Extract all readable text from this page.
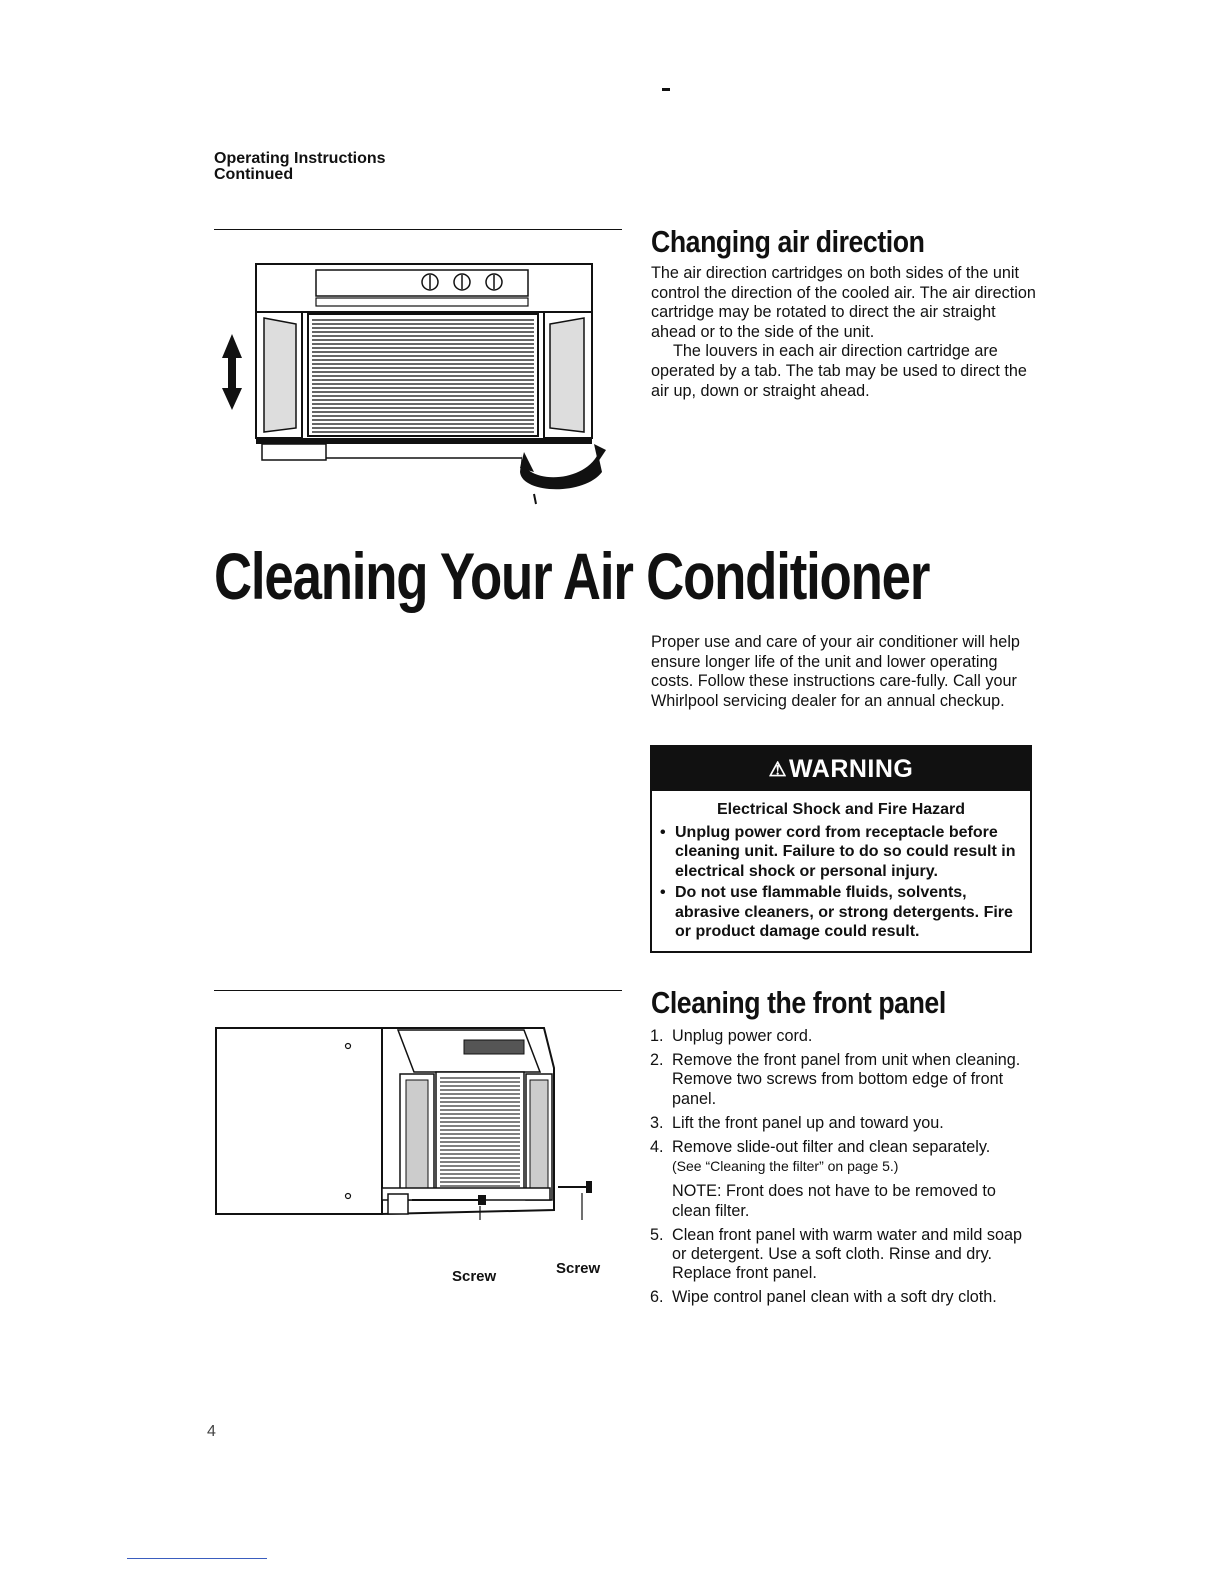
Operating Instructions
Continued
Changing air direction

The air direction cartridges on both sides of the unit control the direction of the cooled air. The air direction cartridge may be rotated to direct the air straight ahead or to the side of the unit.

The louvers in each air direction cartridge are operated by a tab. The tab may be used to direct the air up, down or straight ahead.

Cleaning Your Air Conditioner
Proper use and care of your air conditioner will help ensure longer life of the unit and lower operating costs. Follow these instructions care-fully. Call your Whirlpool servicing dealer for an annual checkup.
⚠ WARNING
Electrical Shock and Fire Hazard
• Unplug power cord from receptacle before cleaning unit. Failure to do so could result in electrical shock or personal injury.
• Do not use flammable fluids, solvents, abrasive cleaners, or strong detergents. Fire or product damage could result.
Screw	Screw
Cleaning the front panel
1. Unplug power cord.
2. Remove the front panel from unit when cleaning. Remove two screws from bottom edge of front panel.
3. Lift the front panel up and toward you.
4. Remove slide-out filter and clean separately.
(See “Cleaning the filter” on page 5.)
NOTE: Front does not have to be removed to clean filter.
5. Clean front panel with warm water and mild soap or detergent. Use a soft cloth. Rinse and dry. Replace front panel.
6. Wipe control panel clean with a soft dry cloth.
4
